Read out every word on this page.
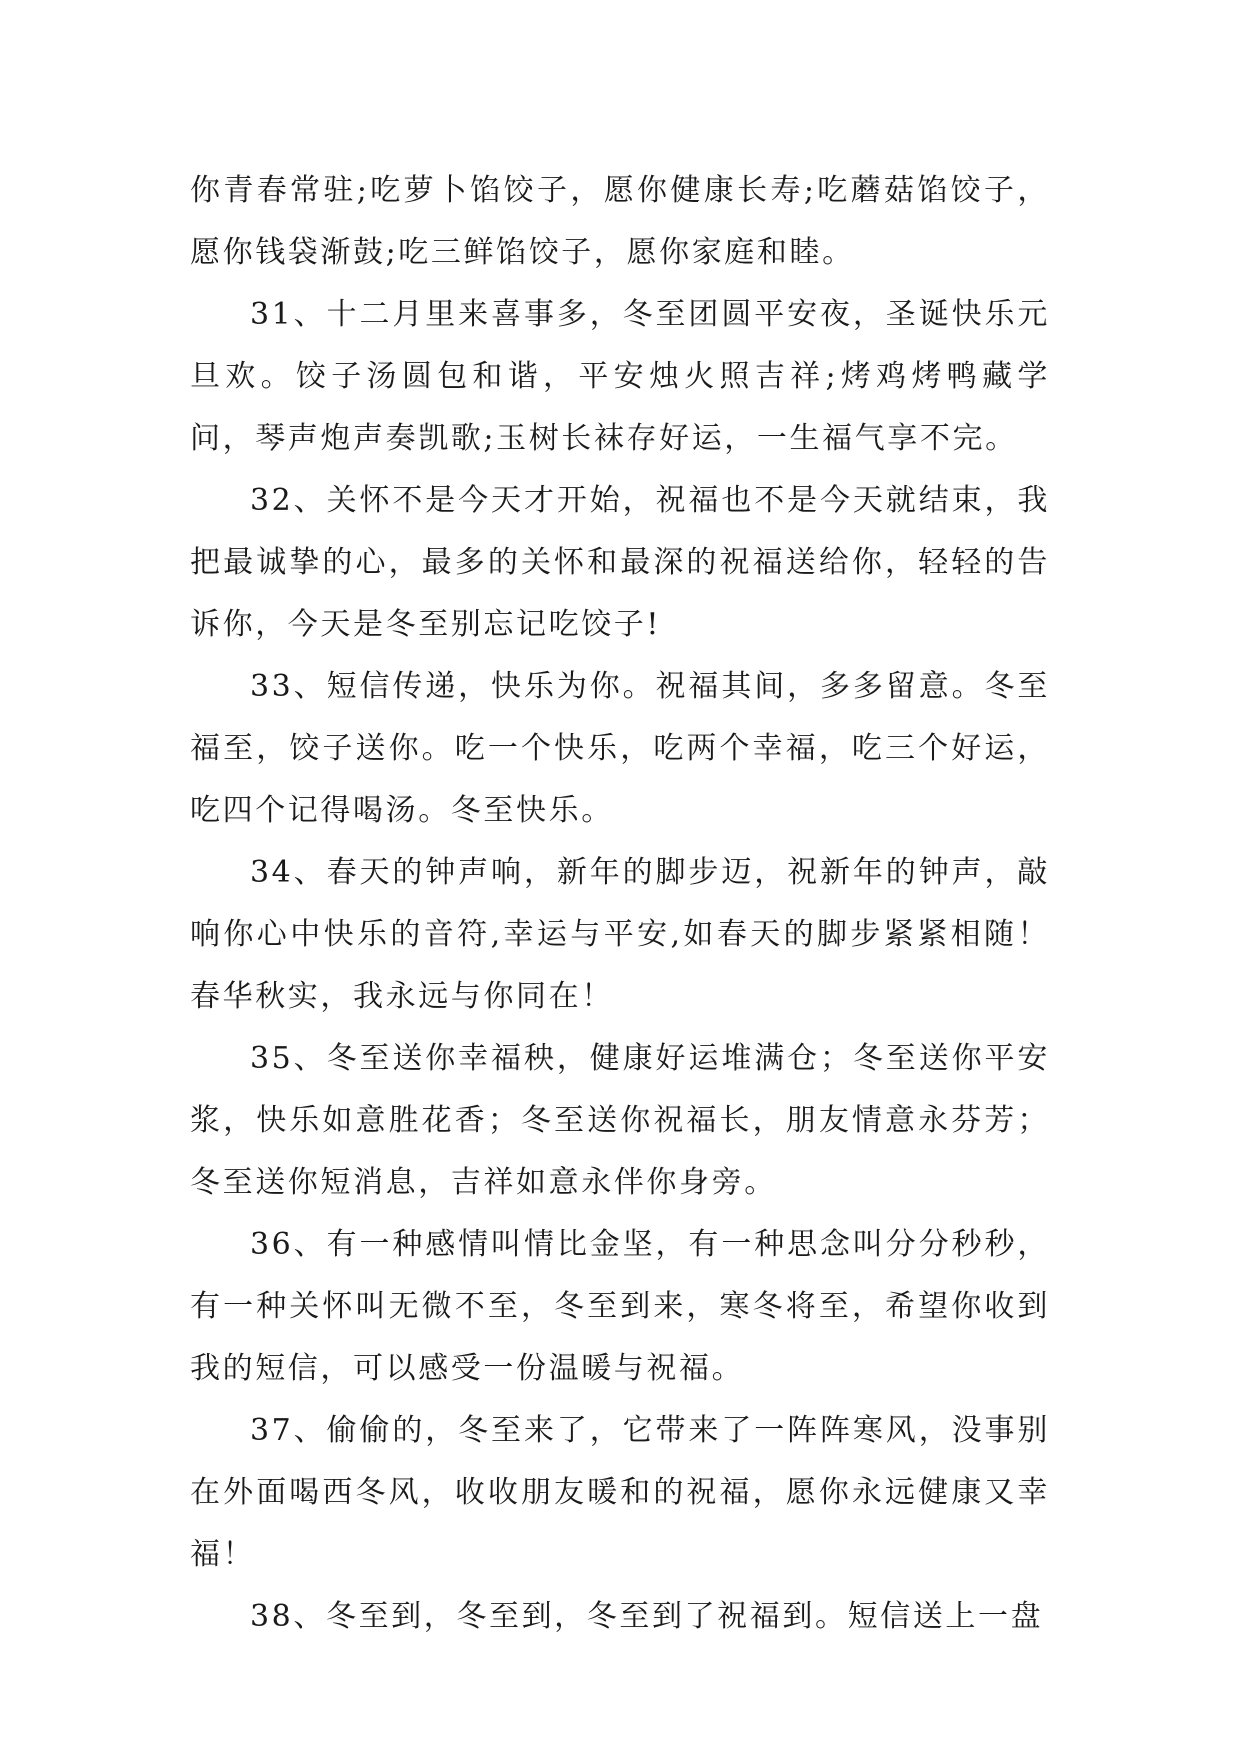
你青春常驻;吃萝卜馅饺子，愿你健康长寿;吃蘑菇馅饺子，愿你钱袋渐鼓;吃三鲜馅饺子，愿你家庭和睦。

31、十二月里来喜事多，冬至团圆平安夜，圣诞快乐元旦欢。饺子汤圆包和谐，平安烛火照吉祥;烤鸡烤鸭藏学问，琴声炮声奏凯歌;玉树长袜存好运，一生福气享不完。

32、关怀不是今天才开始，祝福也不是今天就结束，我把最诚挚的心，最多的关怀和最深的祝福送给你，轻轻的告诉你，今天是冬至别忘记吃饺子!

33、短信传递，快乐为你。祝福其间，多多留意。冬至福至，饺子送你。吃一个快乐，吃两个幸福，吃三个好运，吃四个记得喝汤。冬至快乐。

34、春天的钟声响，新年的脚步迈，祝新年的钟声，敲响你心中快乐的音符,幸运与平安,如春天的脚步紧紧相随！春华秋实，我永远与你同在！

35、冬至送你幸福秧，健康好运堆满仓；冬至送你平安浆，快乐如意胜花香；冬至送你祝福长，朋友情意永芬芳；冬至送你短消息，吉祥如意永伴你身旁。

36、有一种感情叫情比金坚，有一种思念叫分分秒秒，有一种关怀叫无微不至，冬至到来，寒冬将至，希望你收到我的短信，可以感受一份温暖与祝福。

37、偷偷的，冬至来了，它带来了一阵阵寒风，没事别在外面喝西冬风，收收朋友暖和的祝福，愿你永远健康又幸福！

38、冬至到，冬至到，冬至到了祝福到。短信送上一盘
